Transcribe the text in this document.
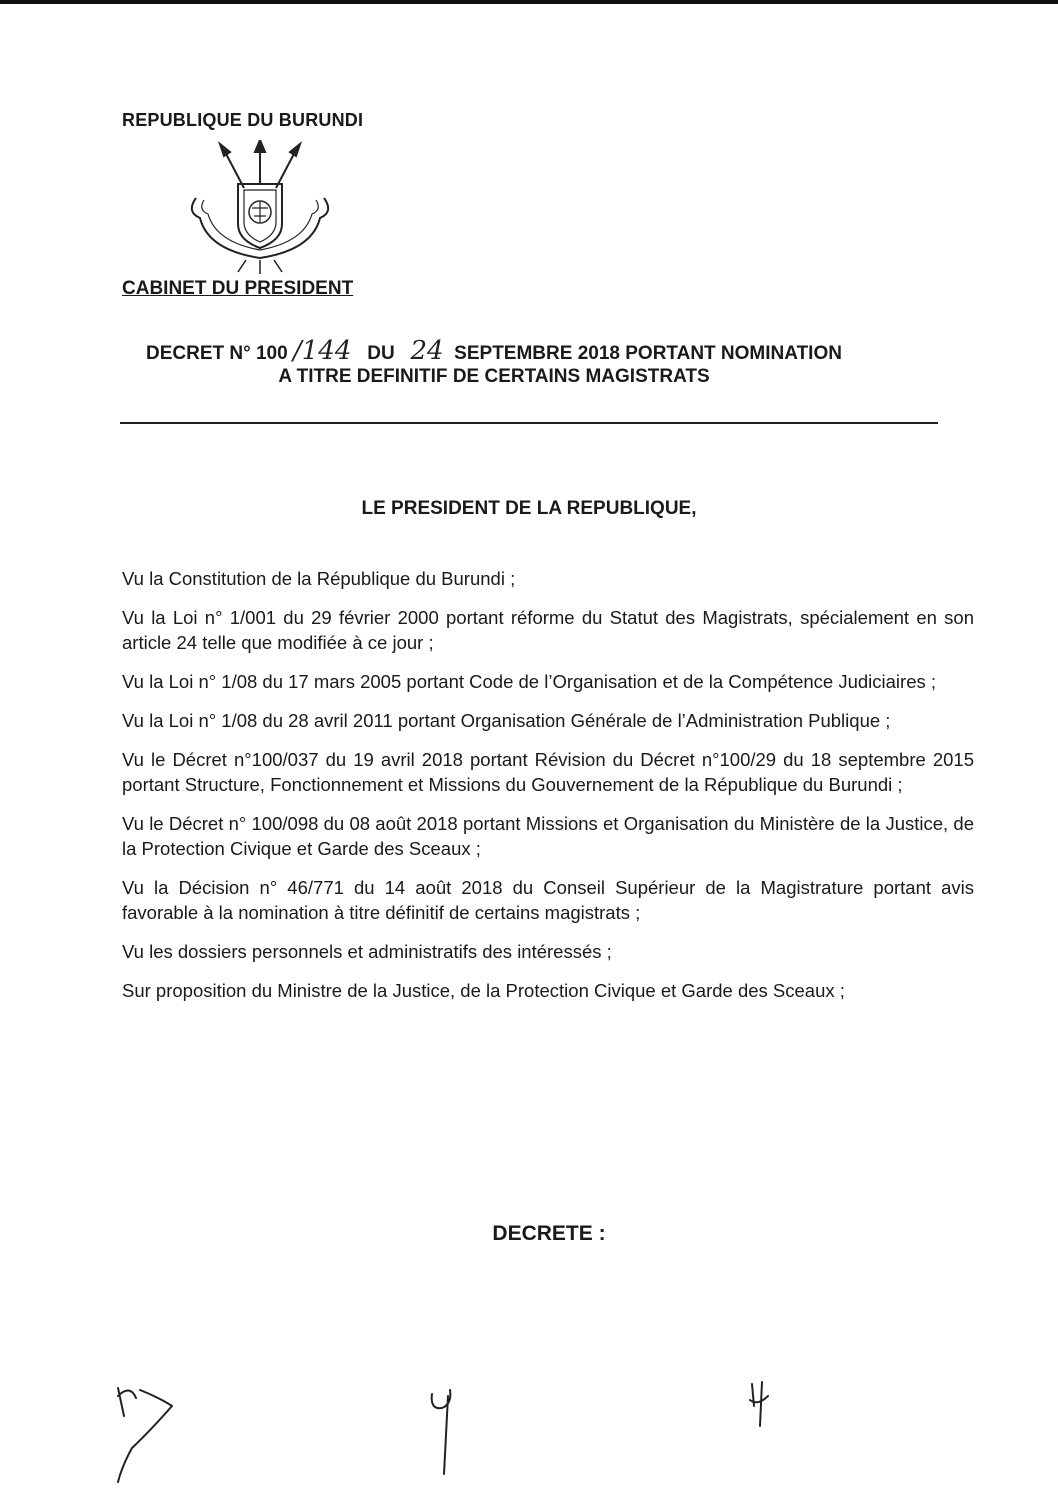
REPUBLIQUE DU BURUNDI
CABINET DU PRESIDENT
DECRET N° 100 /144 DU 24 SEPTEMBRE 2018 PORTANT NOMINATION
A TITRE DEFINITIF DE CERTAINS MAGISTRATS
LE PRESIDENT DE LA REPUBLIQUE,

Vu la Constitution de la République du Burundi ;

Vu la Loi n° 1/001 du 29 février 2000 portant réforme du Statut des Magistrats, spécialement en son article 24 telle que modifiée à ce jour ;

Vu la Loi n° 1/08 du 17 mars 2005 portant Code de l’Organisation et de la Compétence Judiciaires ;

Vu la Loi n° 1/08 du 28 avril 2011 portant Organisation Générale de l’Administration Publique ;

Vu le Décret n°100/037 du 19 avril 2018 portant Révision du Décret n°100/29 du 18 septembre 2015 portant Structure, Fonctionnement et Missions du Gouvernement de la République du Burundi ;

Vu le Décret n° 100/098 du 08 août 2018 portant Missions et Organisation du Ministère de la Justice, de la Protection Civique et Garde des Sceaux ;

Vu la Décision n° 46/771 du 14 août 2018 du Conseil Supérieur de la Magistrature portant avis favorable à la nomination à titre définitif de certains magistrats ;

Vu les dossiers personnels et administratifs des intéressés ;

Sur proposition du Ministre de la Justice, de la Protection Civique et Garde des Sceaux ;

DECRETE :
